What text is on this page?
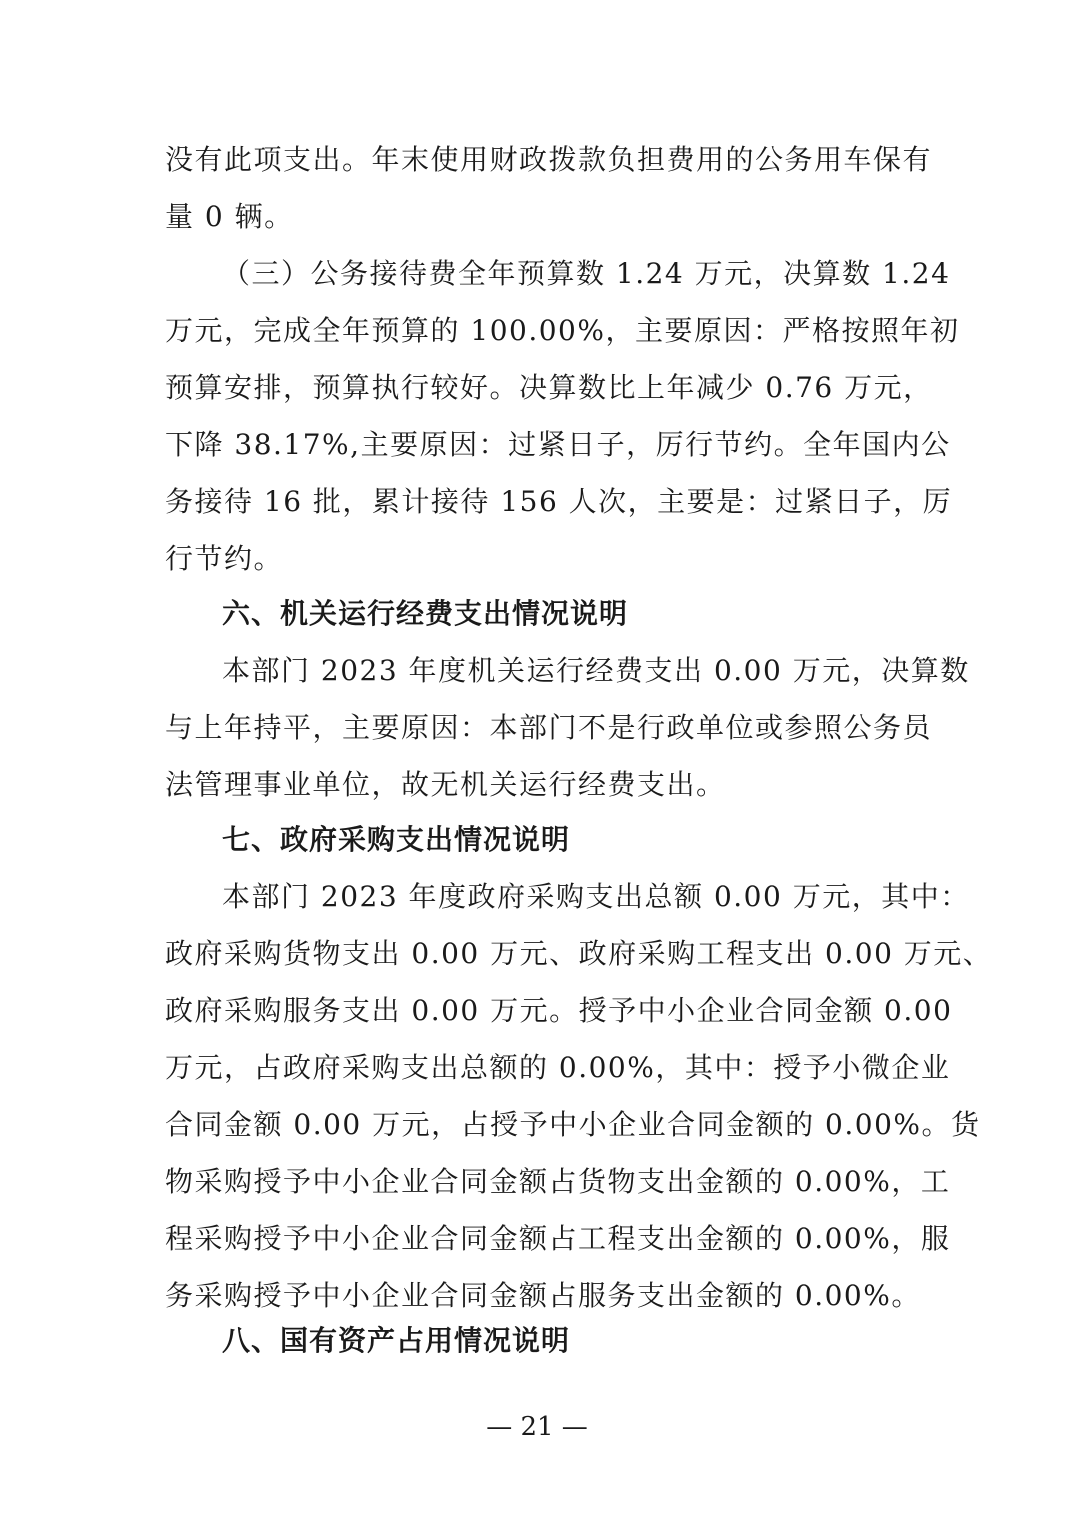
没有此项支出。年末使用财政拨款负担费用的公务用车保有
量 0 辆。
（三）公务接待费全年预算数 1.24 万元，决算数 1.24
万元，完成全年预算的 100.00%，主要原因：严格按照年初
预算安排，预算执行较好。决算数比上年减少 0.76 万元，
下降 38.17%,主要原因：过紧日子，厉行节约。全年国内公
务接待 16 批，累计接待 156 人次，主要是：过紧日子，厉
行节约。
六、机关运行经费支出情况说明
本部门 2023 年度机关运行经费支出 0.00 万元，决算数
与上年持平，主要原因：本部门不是行政单位或参照公务员
法管理事业单位，故无机关运行经费支出。
七、政府采购支出情况说明
本部门 2023 年度政府采购支出总额 0.00 万元，其中：
政府采购货物支出 0.00 万元、政府采购工程支出 0.00 万元、
政府采购服务支出 0.00 万元。授予中小企业合同金额 0.00
万元，占政府采购支出总额的 0.00%，其中：授予小微企业
合同金额 0.00 万元，占授予中小企业合同金额的 0.00%。货
物采购授予中小企业合同金额占货物支出金额的 0.00%，工
程采购授予中小企业合同金额占工程支出金额的 0.00%，服
务采购授予中小企业合同金额占服务支出金额的 0.00%。
八、国有资产占用情况说明
— 21 —
